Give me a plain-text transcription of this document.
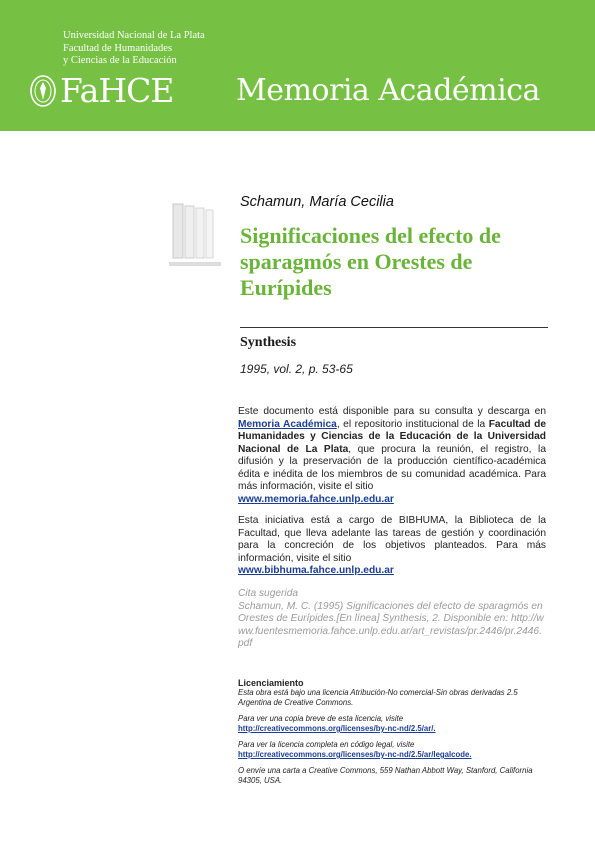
Universidad Nacional de La Plata
Facultad de Humanidades
y Ciencias de la Educación
FaHCE Memoria Académica
Schamun, María Cecilia
Significaciones del efecto de sparagmós en Orestes de Eurípides
Synthesis
1995, vol. 2, p. 53-65
Este documento está disponible para su consulta y descarga en Memoria Académica, el repositorio institucional de la Facultad de Humanidades y Ciencias de la Educación de la Universidad Nacional de La Plata, que procura la reunión, el registro, la difusión y la preservación de la producción científico-académica édita e inédita de los miembros de su comunidad académica. Para más información, visite el sitio
www.memoria.fahce.unlp.edu.ar
Esta iniciativa está a cargo de BIBHUMA, la Biblioteca de la Facultad, que lleva adelante las tareas de gestión y coordinación para la concreción de los objetivos planteados. Para más información, visite el sitio
www.bibhuma.fahce.unlp.edu.ar
Cita sugerida
Schamun, M. C. (1995) Significaciones del efecto de sparagmós en Orestes de Eurípides.[En línea] Synthesis, 2. Disponible en: http://www.fuentesmemoria.fahce.unlp.edu.ar/art_revistas/pr.2446/pr.2446.pdf
Licenciamiento

Esta obra está bajo una licencia Atribución-No comercial-Sin obras derivadas 2.5 Argentina de Creative Commons.

Para ver una copia breve de esta licencia, visite

http://creativecommons.org/licenses/by-nc-nd/2.5/ar/.

Para ver la licencia completa en código legal, visite

http://creativecommons.org/licenses/by-nc-nd/2.5/ar/legalcode.

O envíe una carta a Creative Commons, 559 Nathan Abbott Way, Stanford, California 94305, USA.
